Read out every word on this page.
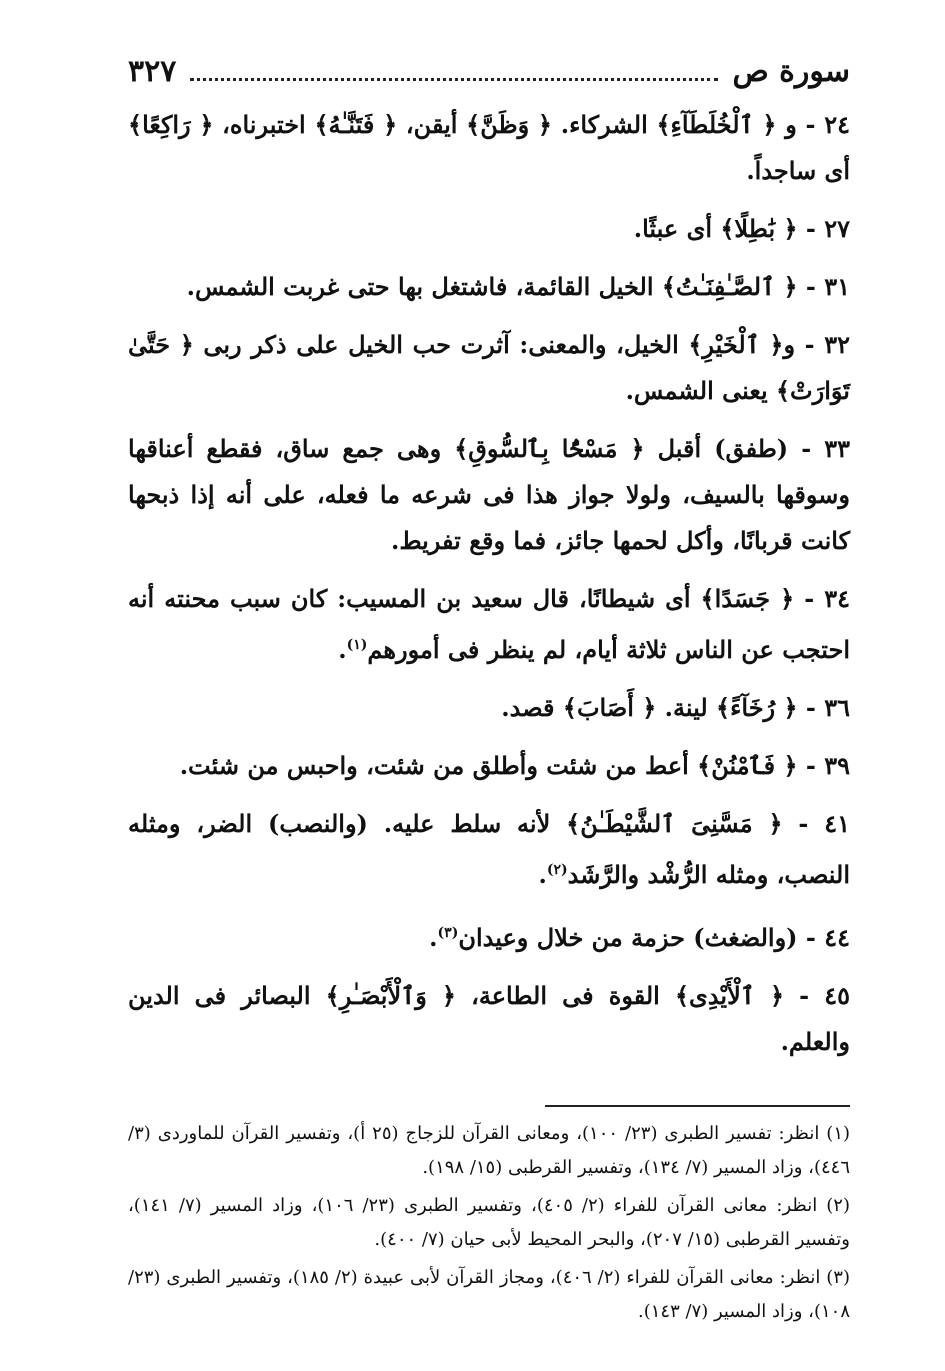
سورة ص
٣٢٧

٢٤ - و ﴿ ٱلْخُلَطَآءِ﴾ الشركاء. ﴿ وَظَنَّ﴾ أيقن، ﴿ فَتَنَّـٰهُ﴾ اختبرناه، ﴿ رَاكِعًا﴾ أى ساجداً.

٢٧ - ﴿ بَٰطِلًا﴾ أى عبثًا.

٣١ - ﴿ ٱلصَّـٰفِنَـٰتُ﴾ الخيل القائمة، فاشتغل بها حتى غربت الشمس.

٣٢ - و﴿ ٱلْخَيْرِ﴾ الخيل، والمعنى: آثرت حب الخيل على ذكر ربى ﴿ حَتَّىٰ تَوَارَتْ﴾ يعنى الشمس.

٣٣ - (طفق) أقبل ﴿ مَسْحًۢا بِٱلسُّوقِ﴾ وهى جمع ساق، فقطع أعناقها وسوقها بالسيف، ولولا جواز هذا فى شرعه ما فعله، على أنه إذا ذبحها كانت قربانًا، وأكل لحمها جائز، فما وقع تفريط.

٣٤ - ﴿ جَسَدًا﴾ أى شيطانًا، قال سعيد بن المسيب: كان سبب محنته أنه احتجب عن الناس ثلاثة أيام، لم ينظر فى أمورهم$^{(١)}$.

٣٦ - ﴿ رُخَآءً﴾ لينة. ﴿ أَصَابَ﴾ قصد.

٣٩ - ﴿ فَٱمْنُنْ﴾ أعط من شئت وأطلق من شئت، واحبس من شئت.

٤١ - ﴿ مَسَّنِىَ ٱلشَّيْطَـٰنُ﴾ لأنه سلط عليه. (والنصب) الضر، ومثله النصب، ومثله الرُّشْد والرَّشَد$^{(٢)}$.

٤٤ - (والضغث) حزمة من خلال وعيدان$^{(٣)}$.

٤٥ - ﴿ ٱلْأَيْدِى﴾ القوة فى الطاعة، ﴿ وَٱلْأَبْصَـٰرِ﴾ البصائر فى الدين والعلم.

(١) انظر: تفسير الطبرى (٢٣/ ١٠٠)، ومعانى القرآن للزجاج (٢٥ أ)، وتفسير القرآن للماوردى (٣/ ٤٤٦)، وزاد المسير (٧/ ١٣٤)، وتفسير القرطبى (١٥/ ١٩٨).

(٢) انظر: معانى القرآن للفراء (٢/ ٤٠٥)، وتفسير الطبرى (٢٣/ ١٠٦)، وزاد المسير (٧/ ١٤١)، وتفسير القرطبى (١٥/ ٢٠٧)، والبحر المحيط لأبى حيان (٧/ ٤٠٠).

(٣) انظر: معانى القرآن للفراء (٢/ ٤٠٦)، ومجاز القرآن لأبى عبيدة (٢/ ١٨٥)، وتفسير الطبرى (٢٣/ ١٠٨)، وزاد المسير (٧/ ١٤٣).
